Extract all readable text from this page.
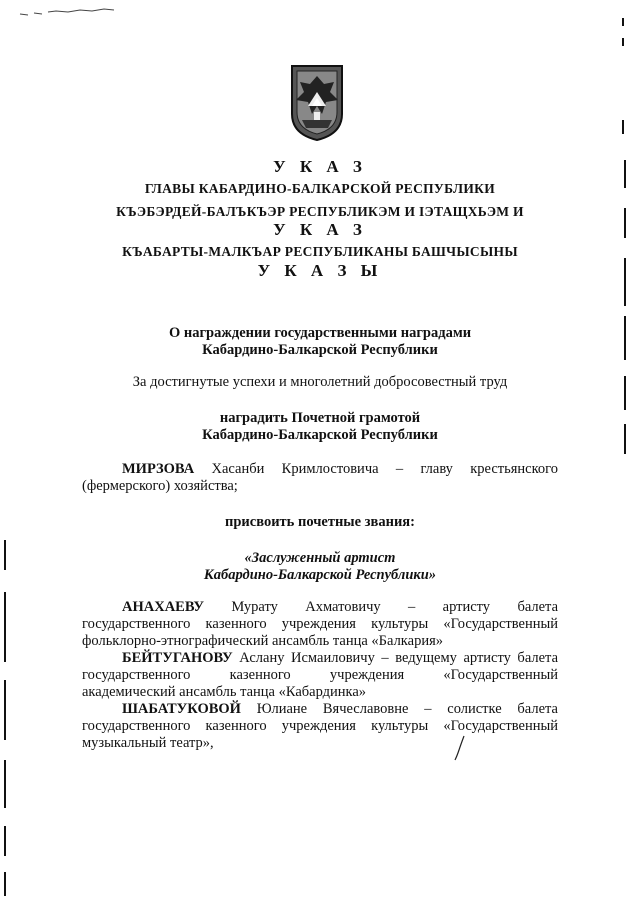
У К А З
ГЛАВЫ КАБАРДИНО-БАЛКАРСКОЙ РЕСПУБЛИКИ
КЪЭБЭРДЕЙ-БАЛЪКЪЭР РЕСПУБЛИКЭМ И IЭТАЩХЬЭМ И
У К А З
КЪАБАРТЫ-МАЛКЪАР РЕСПУБЛИКАНЫ БАШЧЫСЫНЫ
У К А З Ы
О награждении государственными наградами
Кабардино-Балкарской Республики
За достигнутые успехи и многолетний добросовестный труд
наградить Почетной грамотой
Кабардино-Балкарской Республики
МИРЗОВА Хасанби Кримлостовича – главу крестьянского
(фермерского) хозяйства;
присвоить почетные звания:
«Заслуженный артист
Кабардино-Балкарской Республики»
АНАХАЕВУ Мурату Ахматовичу – артисту балета
государственного казенного учреждения культуры «Государственный
фольклорно-этнографический ансамбль танца «Балкария»
БЕЙТУГАНОВУ Аслану Исмаиловичу – ведущему артисту балета
государственного казенного учреждения «Государственный
академический ансамбль танца «Кабардинка»
ШАБАТУКОВОЙ Юлиане Вячеславовне – солистке балета
государственного казенного учреждения культуры «Государственный
музыкальный театр»,
